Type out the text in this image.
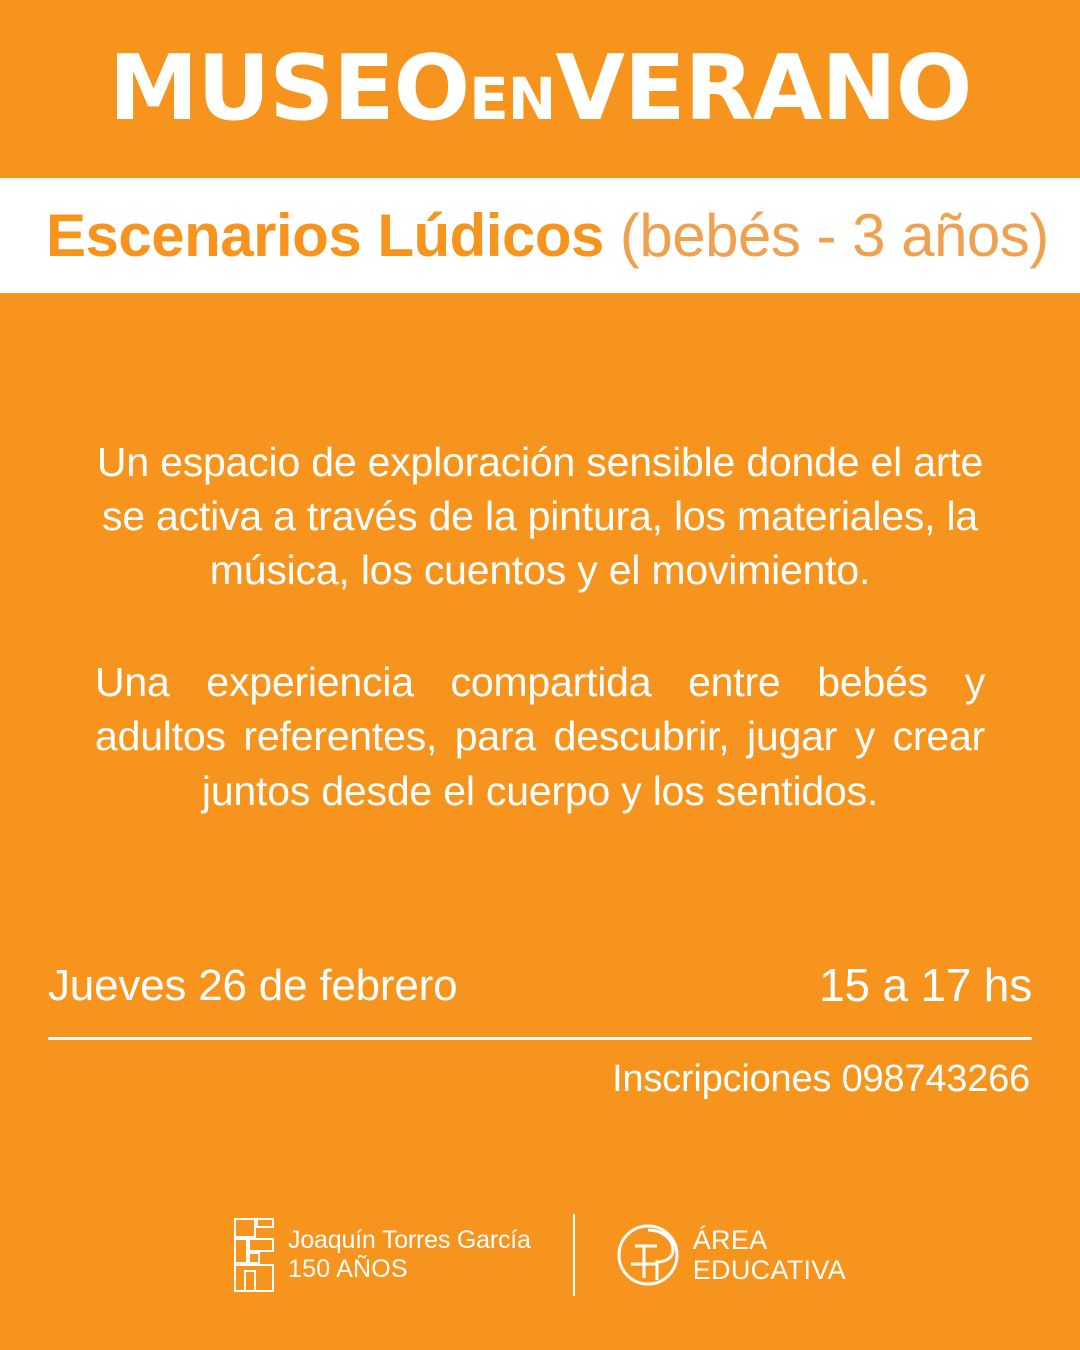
MUSEOENVERANO
Escenarios Lúdicos (bebés - 3 años)

Un espacio de exploración sensible donde el arte se activa a través de la pintura, los materiales, la música, los cuentos y el movimiento.

Una experiencia compartida entre bebés y adultos referentes, para descubrir, jugar y crear juntos desde el cuerpo y los sentidos.

Jueves 26 de febrero	15 a 17 hs
Inscripciones 098743266
Joaquín Torres García
150 AÑOS
ÁREA
EDUCATIVA
